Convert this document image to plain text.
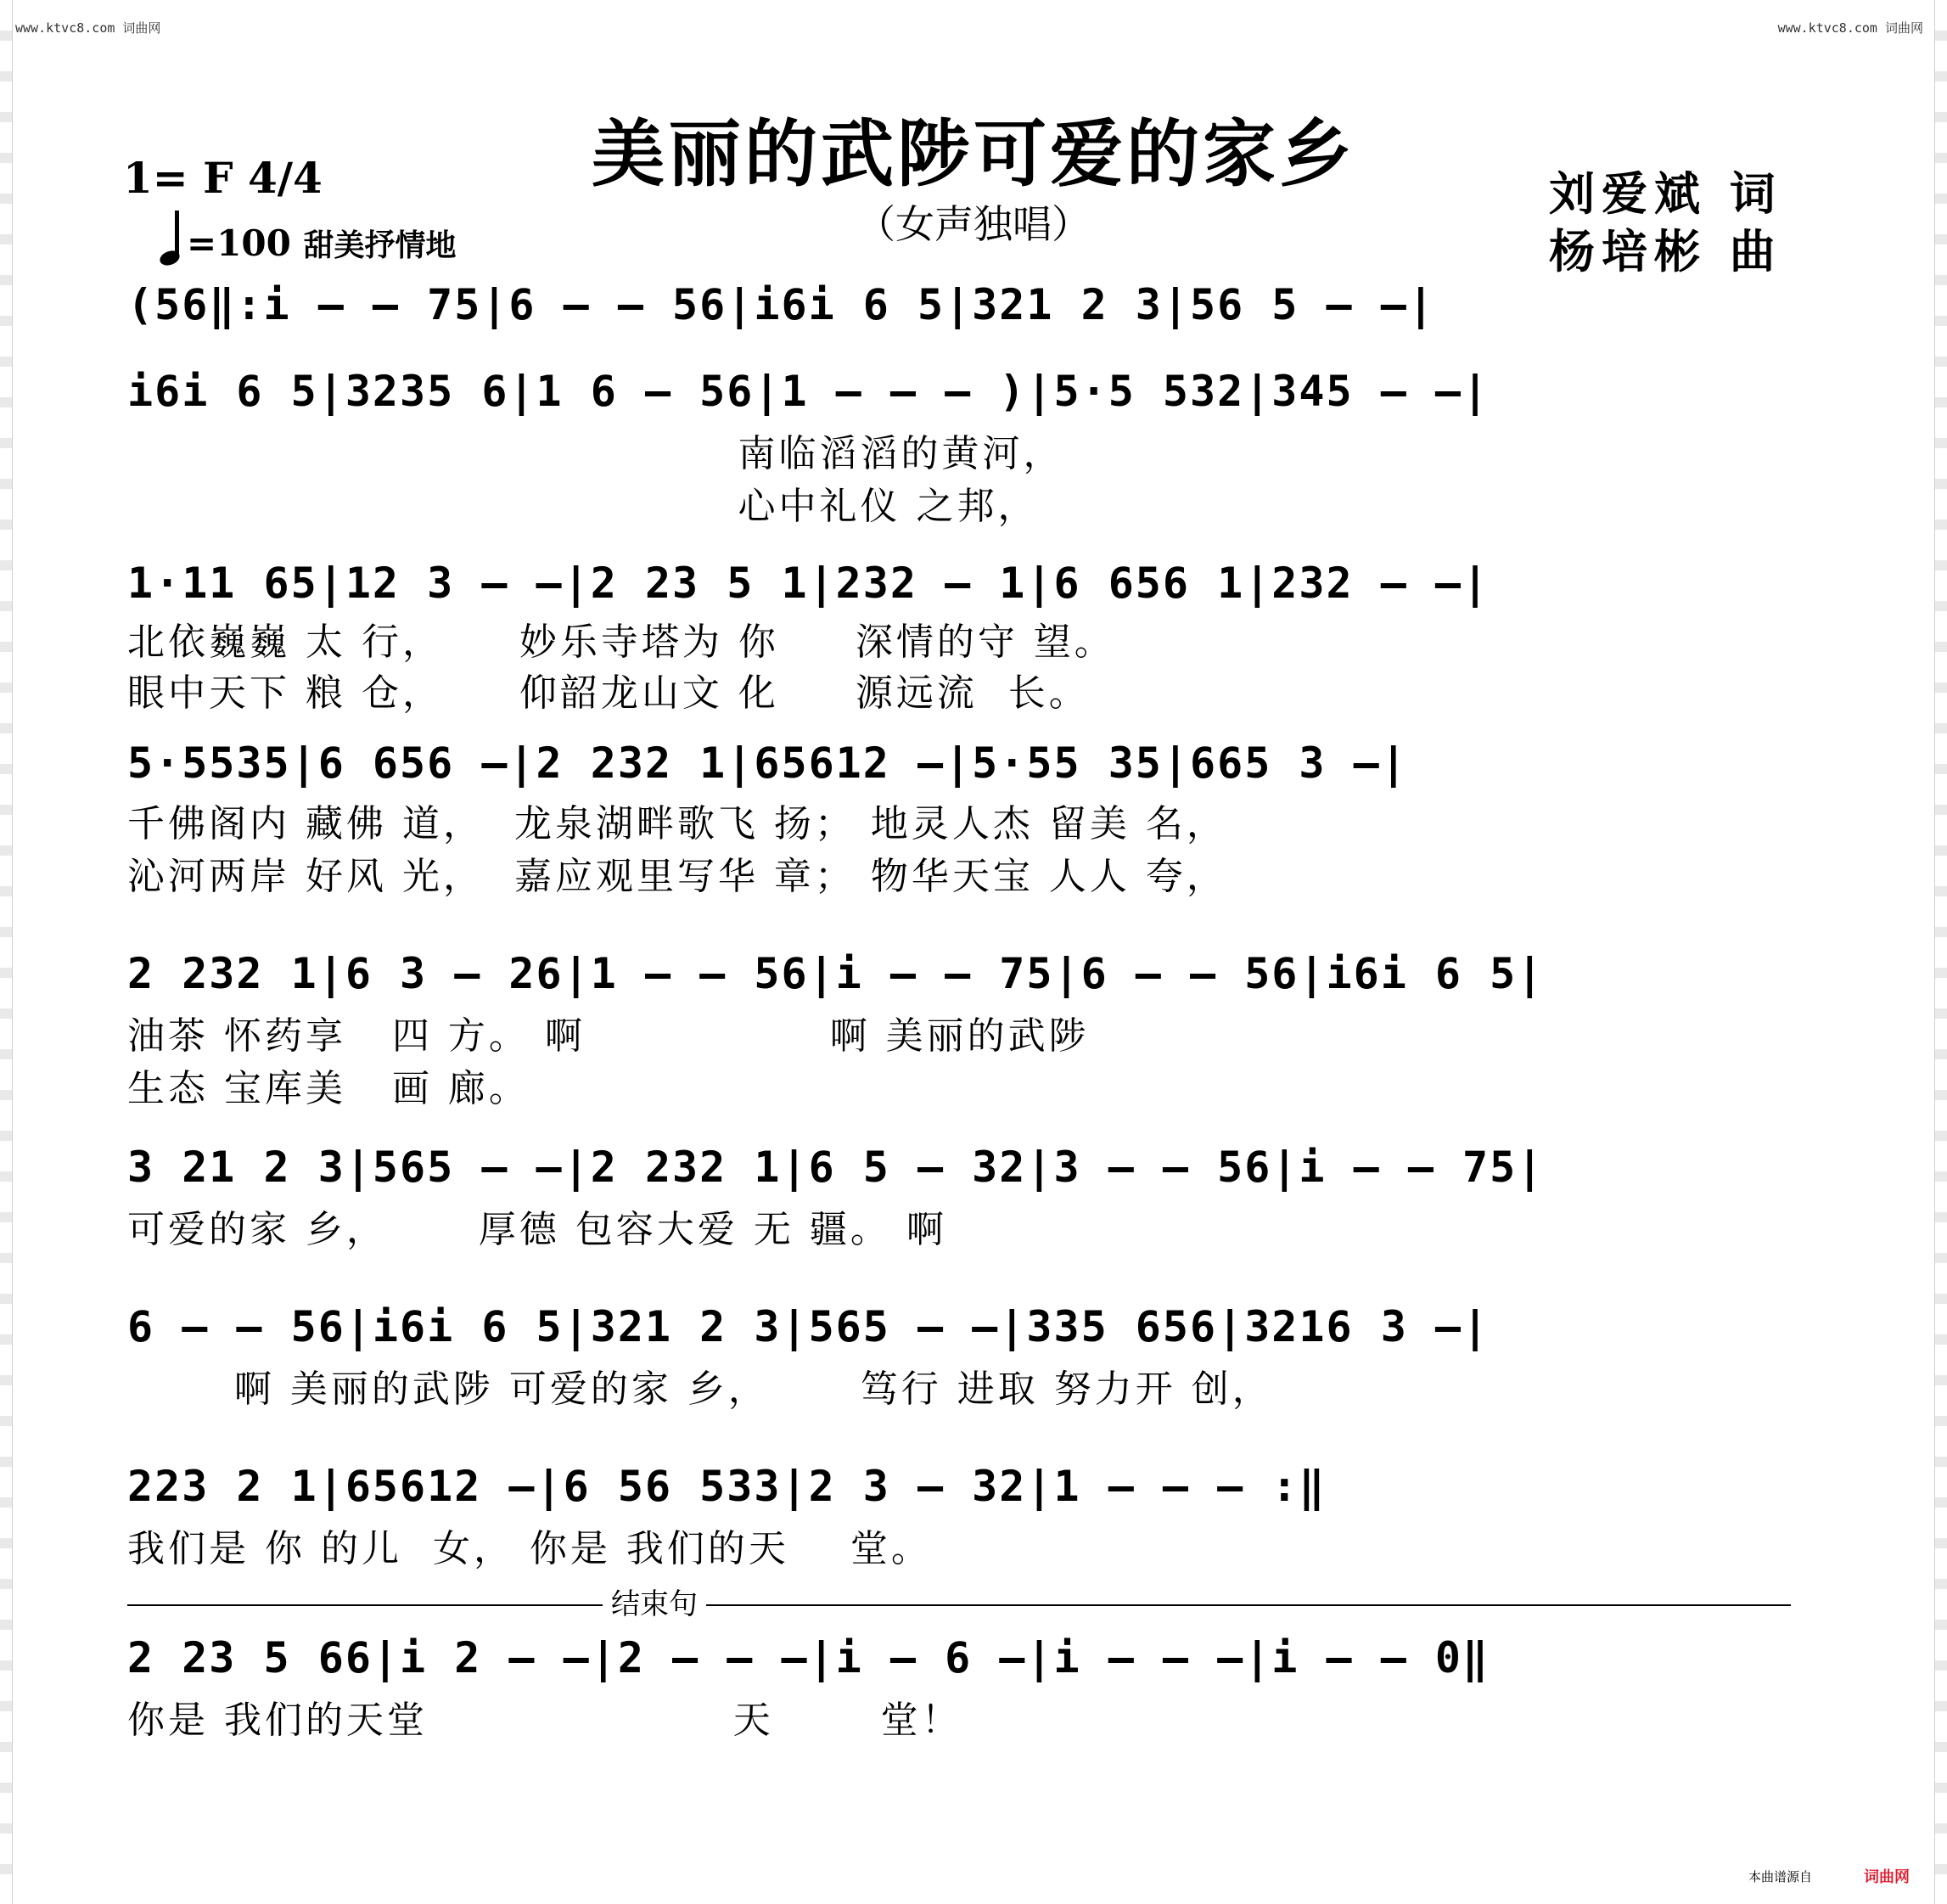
www.ktvc8.com 词曲网	www.ktvc8.com 词曲网
美丽的武陟可爱的家乡
（女声独唱）
1= F 4/4
=100 甜美抒情地
刘爱斌 词
杨培彬 曲
(56‖:i — — 75|6 — — 56|i6i 6 5|321 2 3|56 5 — —|
i6i 6 5|3235 6|1 6 — 56|1 — — — )|5·5 532|345 — —|
南临滔滔的黄河，
心中礼仪 之邦，
1·11 65|12 3 — —|2 23 5 1|232 — 1|6 656 1|232 — —|
北依巍巍 太 行，     妙乐寺塔为 你     深情的守 望。
眼中天下 粮 仓，     仰韶龙山文 化     源远流  长。
5·5535|6 656 —|2 232 1|65612 —|5·55 35|665 3 —|
千佛阁内 藏佛 道，  龙泉湖畔歌飞 扬； 地灵人杰 留美 名，
沁河两岸 好风 光，  嘉应观里写华 章； 物华天宝 人人 夸，
2 232 1|6 3 — 26|1 — — 56|i — — 75|6 — — 56|i6i 6 5|
油茶 怀药享   四 方。 啊                啊 美丽的武陟
生态 宝库美   画 廊。
3 21 2 3|565 — —|2 232 1|6 5 — 32|3 — — 56|i — — 75|
可爱的家 乡，      厚德 包容大爱 无 疆。 啊
6 — — 56|i6i 6 5|321 2 3|565 — —|335 656|3216 3 —|
啊 美丽的武陟 可爱的家 乡，      笃行 进取 努力开 创，
223 2 1|65612 —|6 56 533|2 3 — 32|1 — — — :‖
我们是 你 的儿  女， 你是 我们的天    堂。
结束句
2 23 5 66|i 2 — —|2 — — —|i — 6 —|i — — —|i — — 0‖
你是 我们的天堂                    天       堂！
本曲谱源自	词曲网
